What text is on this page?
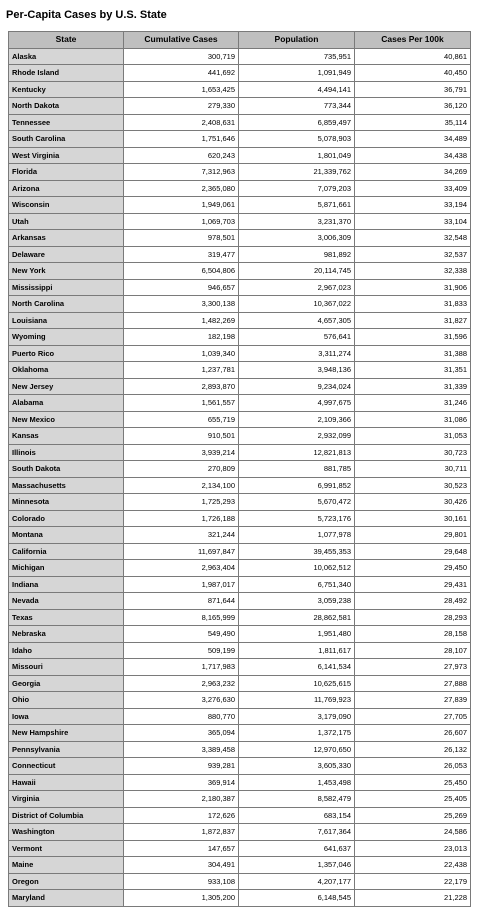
Per-Capita Cases by U.S. State
State	Cumulative Cases	Population	Cases Per 100k
Alaska	300,719	735,951	40,861
Rhode Island	441,692	1,091,949	40,450
Kentucky	1,653,425	4,494,141	36,791
North Dakota	279,330	773,344	36,120
Tennessee	2,408,631	6,859,497	35,114
South Carolina	1,751,646	5,078,903	34,489
West Virginia	620,243	1,801,049	34,438
Florida	7,312,963	21,339,762	34,269
Arizona	2,365,080	7,079,203	33,409
Wisconsin	1,949,061	5,871,661	33,194
Utah	1,069,703	3,231,370	33,104
Arkansas	978,501	3,006,309	32,548
Delaware	319,477	981,892	32,537
New York	6,504,806	20,114,745	32,338
Mississippi	946,657	2,967,023	31,906
North Carolina	3,300,138	10,367,022	31,833
Louisiana	1,482,269	4,657,305	31,827
Wyoming	182,198	576,641	31,596
Puerto Rico	1,039,340	3,311,274	31,388
Oklahoma	1,237,781	3,948,136	31,351
New Jersey	2,893,870	9,234,024	31,339
Alabama	1,561,557	4,997,675	31,246
New Mexico	655,719	2,109,366	31,086
Kansas	910,501	2,932,099	31,053
Illinois	3,939,214	12,821,813	30,723
South Dakota	270,809	881,785	30,711
Massachusetts	2,134,100	6,991,852	30,523
Minnesota	1,725,293	5,670,472	30,426
Colorado	1,726,188	5,723,176	30,161
Montana	321,244	1,077,978	29,801
California	11,697,847	39,455,353	29,648
Michigan	2,963,404	10,062,512	29,450
Indiana	1,987,017	6,751,340	29,431
Nevada	871,644	3,059,238	28,492
Texas	8,165,999	28,862,581	28,293
Nebraska	549,490	1,951,480	28,158
Idaho	509,199	1,811,617	28,107
Missouri	1,717,983	6,141,534	27,973
Georgia	2,963,232	10,625,615	27,888
Ohio	3,276,630	11,769,923	27,839
Iowa	880,770	3,179,090	27,705
New Hampshire	365,094	1,372,175	26,607
Pennsylvania	3,389,458	12,970,650	26,132
Connecticut	939,281	3,605,330	26,053
Hawaii	369,914	1,453,498	25,450
Virginia	2,180,387	8,582,479	25,405
District of Columbia	172,626	683,154	25,269
Washington	1,872,837	7,617,364	24,586
Vermont	147,657	641,637	23,013
Maine	304,491	1,357,046	22,438
Oregon	933,108	4,207,177	22,179
Maryland	1,305,200	6,148,545	21,228
